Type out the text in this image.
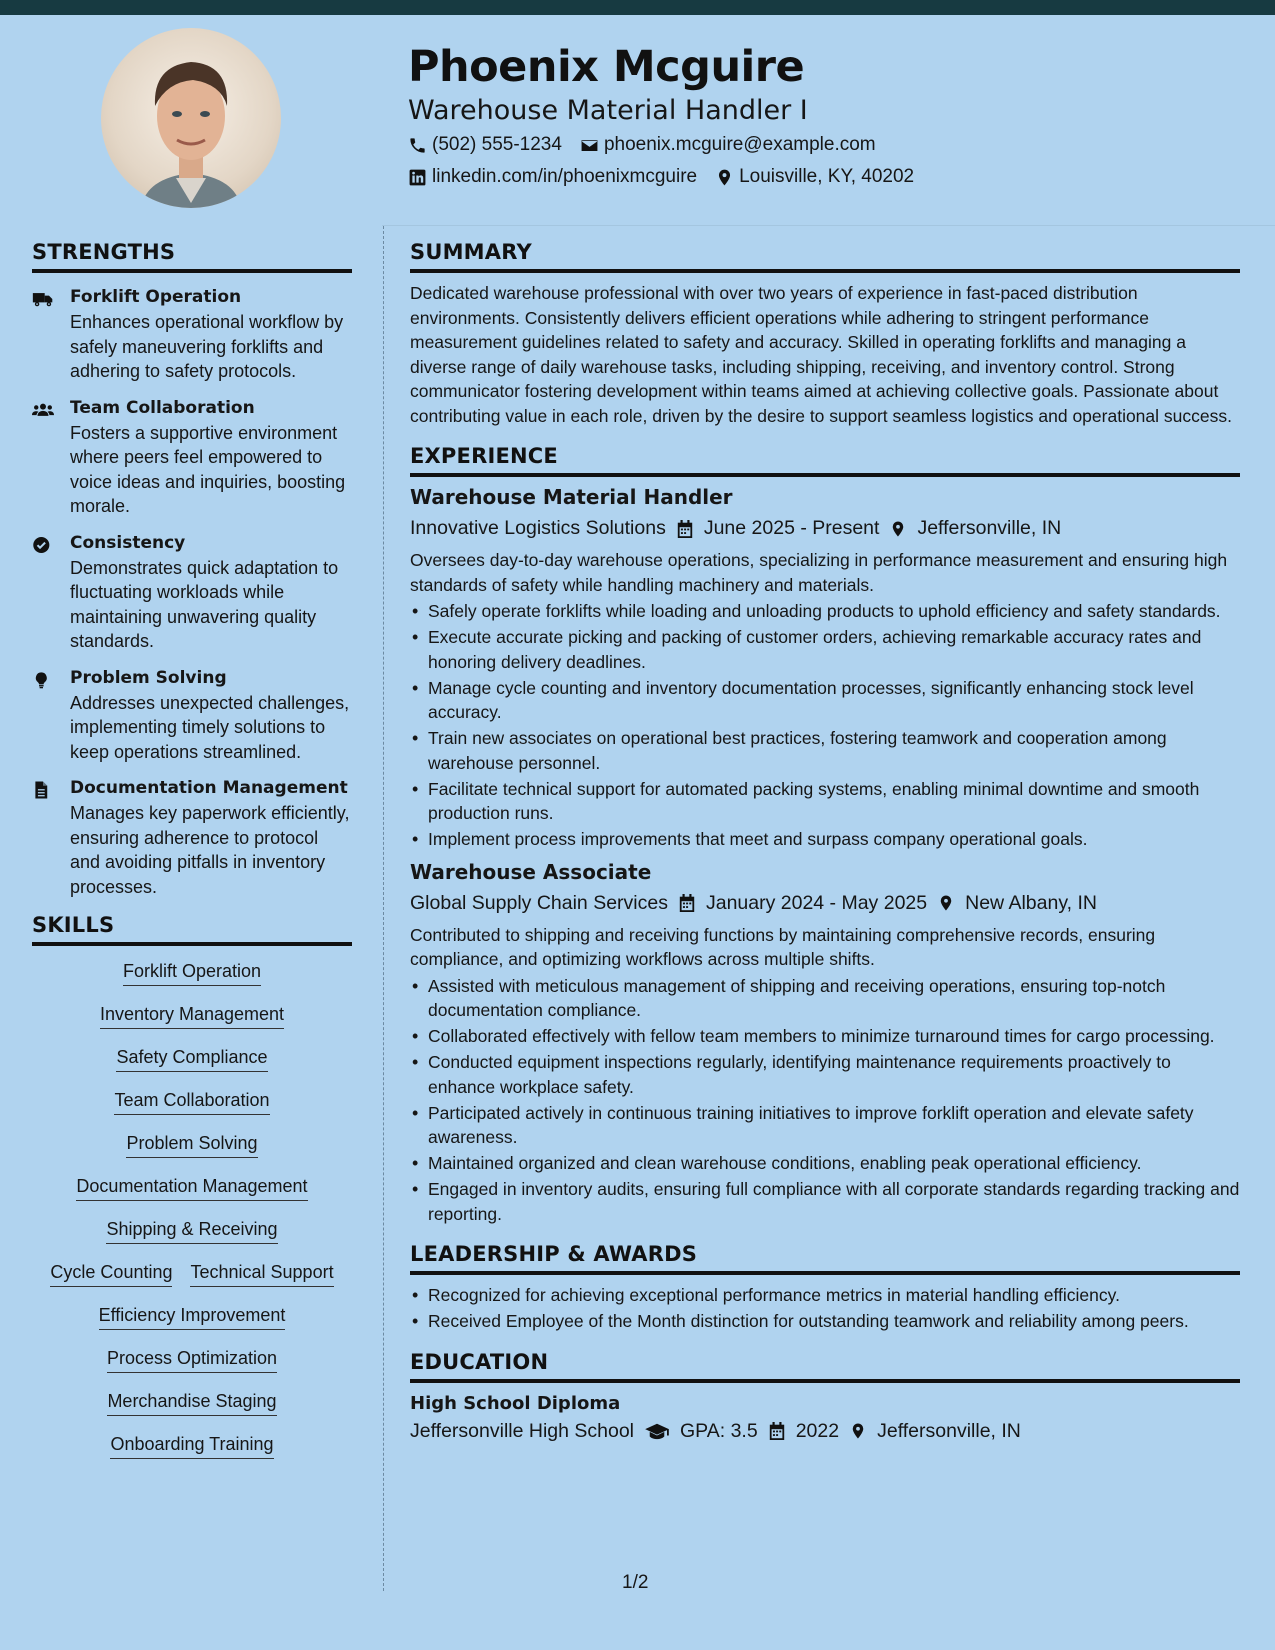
Phoenix Mcguire
Warehouse Material Handler I
(502) 555-1234 phoenix.mcguire@example.com
linkedin.com/in/phoenixmcguire Louisville, KY, 40202
STRENGTHS
Forklift Operation
Enhances operational workflow by safely maneuvering forklifts and adhering to safety protocols.
Team Collaboration
Fosters a supportive environment where peers feel empowered to voice ideas and inquiries, boosting morale.
Consistency
Demonstrates quick adaptation to fluctuating workloads while maintaining unwavering quality standards.
Problem Solving
Addresses unexpected challenges, implementing timely solutions to keep operations streamlined.
Documentation Management
Manages key paperwork efficiently, ensuring adherence to protocol and avoiding pitfalls in inventory processes.
SKILLS
Forklift Operation
Inventory Management
Safety Compliance
Team Collaboration
Problem Solving
Documentation Management
Shipping & Receiving
Cycle Counting Technical Support
Efficiency Improvement
Process Optimization
Merchandise Staging
Onboarding Training
SUMMARY
Dedicated warehouse professional with over two years of experience in fast-paced distribution environments. Consistently delivers efficient operations while adhering to stringent performance measurement guidelines related to safety and accuracy. Skilled in operating forklifts and managing a diverse range of daily warehouse tasks, including shipping, receiving, and inventory control. Strong communicator fostering development within teams aimed at achieving collective goals. Passionate about contributing value in each role, driven by the desire to support seamless logistics and operational success.
EXPERIENCE
Warehouse Material Handler
Innovative Logistics Solutions June 2025 - Present Jeffersonville, IN
Oversees day-to-day warehouse operations, specializing in performance measurement and ensuring high standards of safety while handling machinery and materials.
• Safely operate forklifts while loading and unloading products to uphold efficiency and safety standards.
• Execute accurate picking and packing of customer orders, achieving remarkable accuracy rates and honoring delivery deadlines.
• Manage cycle counting and inventory documentation processes, significantly enhancing stock level accuracy.
• Train new associates on operational best practices, fostering teamwork and cooperation among warehouse personnel.
• Facilitate technical support for automated packing systems, enabling minimal downtime and smooth production runs.
• Implement process improvements that meet and surpass company operational goals.
Warehouse Associate
Global Supply Chain Services January 2024 - May 2025 New Albany, IN
Contributed to shipping and receiving functions by maintaining comprehensive records, ensuring compliance, and optimizing workflows across multiple shifts.
• Assisted with meticulous management of shipping and receiving operations, ensuring top-notch documentation compliance.
• Collaborated effectively with fellow team members to minimize turnaround times for cargo processing.
• Conducted equipment inspections regularly, identifying maintenance requirements proactively to enhance workplace safety.
• Participated actively in continuous training initiatives to improve forklift operation and elevate safety awareness.
• Maintained organized and clean warehouse conditions, enabling peak operational efficiency.
• Engaged in inventory audits, ensuring full compliance with all corporate standards regarding tracking and reporting.
LEADERSHIP & AWARDS
• Recognized for achieving exceptional performance metrics in material handling efficiency.
• Received Employee of the Month distinction for outstanding teamwork and reliability among peers.
EDUCATION
High School Diploma
Jeffersonville High School GPA: 3.5 2022 Jeffersonville, IN
1/2
